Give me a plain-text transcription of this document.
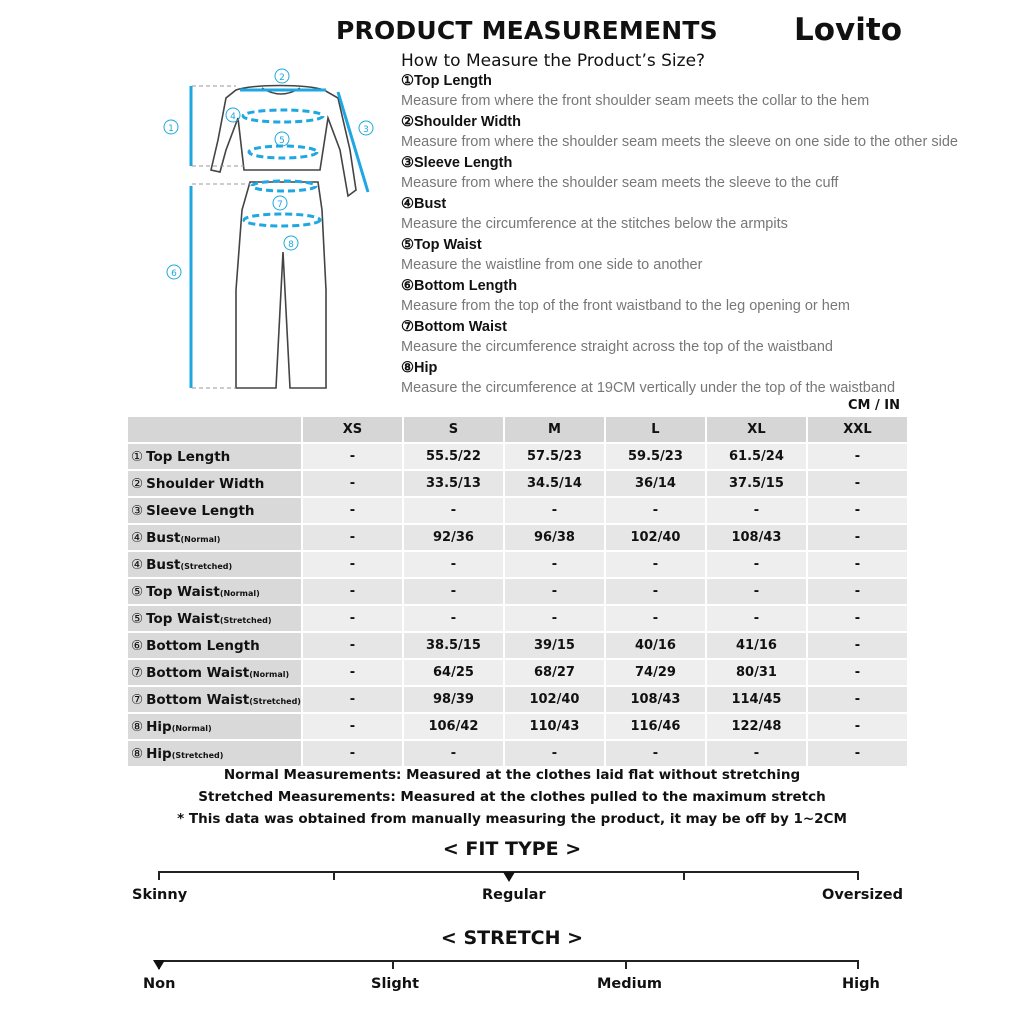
PRODUCT MEASUREMENTS Lovito
1
2
3
4
5
6
7
8
How to Measure the Product’s Size?
①Top Length
Measure from where the front shoulder seam meets the collar to the hem
②Shoulder Width
Measure from where the shoulder seam meets the sleeve on one side to the other side
③Sleeve Length
Measure from where the shoulder seam meets the sleeve to the cuff
④Bust
Measure the circumference at the stitches below the armpits
⑤Top Waist
Measure the waistline from one side to another
⑥Bottom Length
Measure from the top of the front waistband to the leg opening or hem
⑦Bottom Waist
Measure the circumference straight across the top of the waistband
⑧Hip
Measure the circumference at 19CM vertically under the top of the waistband
CM / IN
	XS	S	M	L	XL	XXL
① Top Length	-	55.5/22	57.5/23	59.5/23	61.5/24	-
② Shoulder Width	-	33.5/13	34.5/14	36/14	37.5/15	-
③ Sleeve Length	-	-	-	-	-	-
④ Bust(Normal)	-	92/36	96/38	102/40	108/43	-
④ Bust(Stretched)	-	-	-	-	-	-
⑤ Top Waist(Normal)	-	-	-	-	-	-
⑤ Top Waist(Stretched)	-	-	-	-	-	-
⑥ Bottom Length	-	38.5/15	39/15	40/16	41/16	-
⑦ Bottom Waist(Normal)	-	64/25	68/27	74/29	80/31	-
⑦ Bottom Waist(Stretched)	-	98/39	102/40	108/43	114/45	-
⑧ Hip(Normal)	-	106/42	110/43	116/46	122/48	-
⑧ Hip(Stretched)	-	-	-	-	-	-
Normal Measurements: Measured at the clothes laid flat without stretching
Stretched Measurements: Measured at the clothes pulled to the maximum stretch
* This data was obtained from manually measuring the product, it may be off by 1~2CM
< FIT TYPE >
Skinny	Regular	Oversized
< STRETCH >
Non	Slight	Medium	High
